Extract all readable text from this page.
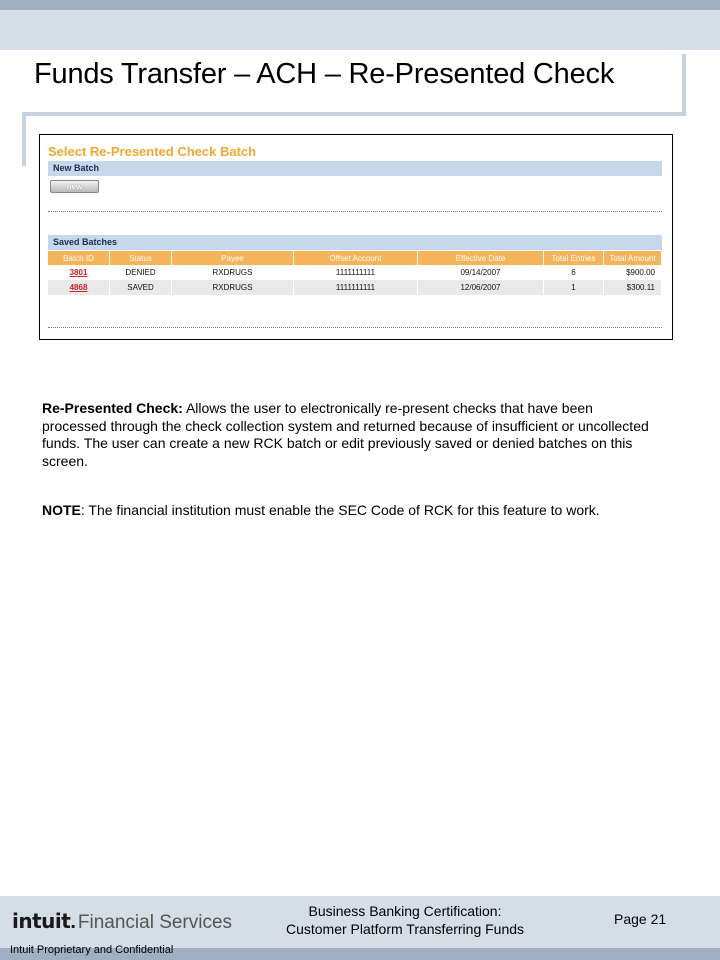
Funds Transfer – ACH – Re-Presented Check
Select Re-Presented Check Batch
New Batch
new
Saved Batches
Batch ID	Status	Payee	Offset Account	Effective Date	Total Entries	Total Amount
3801	DENIED	RXDRUGS	1111111111	09/14/2007	6	$900.00
4868	SAVED	RXDRUGS	1111111111	12/06/2007	1	$300.11
Re-Presented Check: Allows the user to electronically re-present checks that have been processed through the check collection system and returned because of insufficient or uncollected funds. The user can create a new RCK batch or edit previously saved or denied batches on this screen.
NOTE: The financial institution must enable the SEC Code of RCK for this feature to work.
intuit. Financial Services
Intuit Proprietary and Confidential
Business Banking Certification:
Customer Platform Transferring Funds
Page 21
